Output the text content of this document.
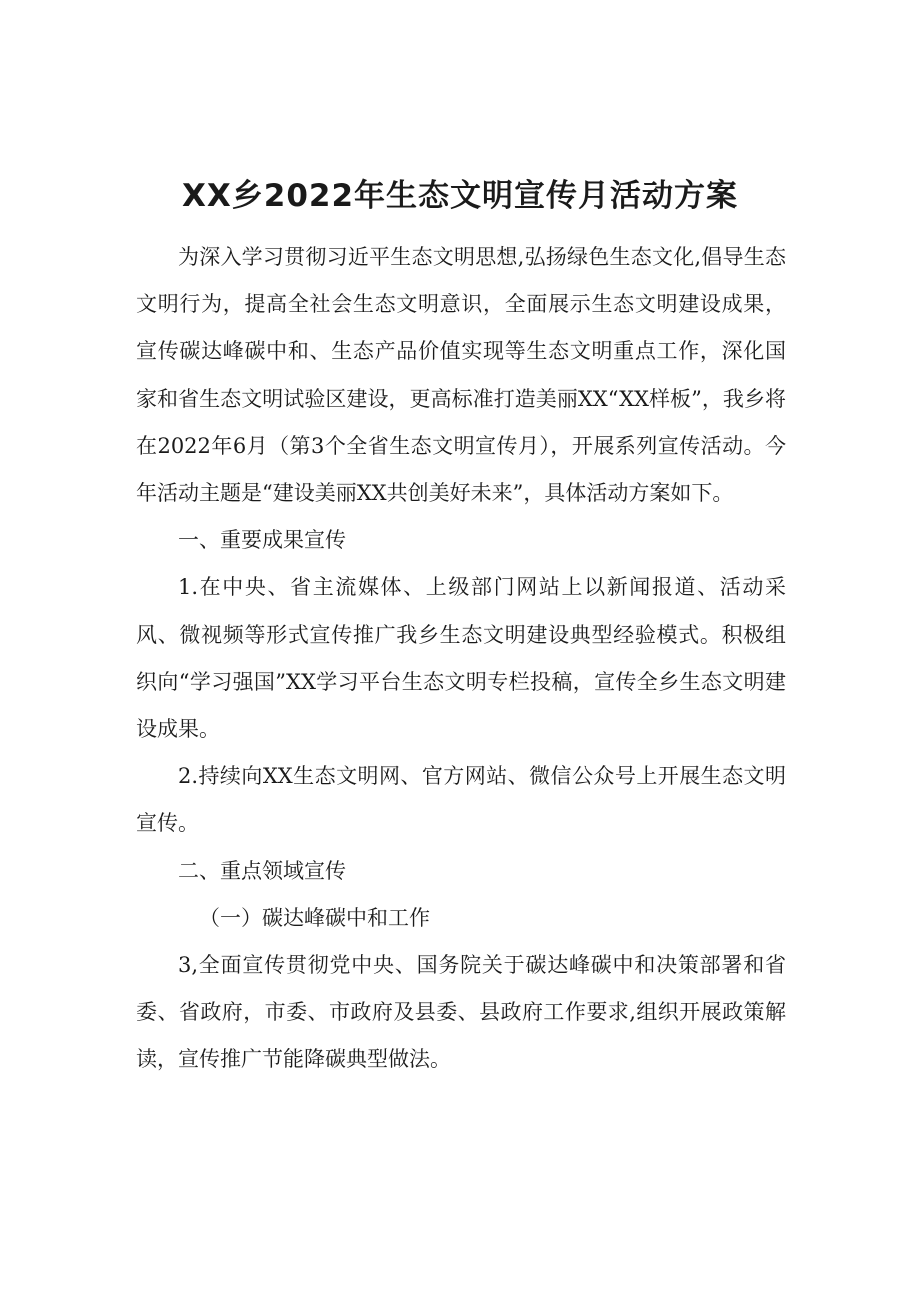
XX乡2022年生态文明宣传月活动方案

为深入学习贯彻习近平生态文明思想,弘扬绿色生态文化,倡导生态文明行为，提高全社会生态文明意识，全面展示生态文明建设成果，宣传碳达峰碳中和、生态产品价值实现等生态文明重点工作，深化国家和省生态文明试验区建设，更高标准打造美丽XX“XX样板”，我乡将在2022年6月（第3个全省生态文明宣传月），开展系列宣传活动。今年活动主题是“建设美丽XX共创美好未来”，具体活动方案如下。

一、重要成果宣传

1.在中央、省主流媒体、上级部门网站上以新闻报道、活动采风、微视频等形式宣传推广我乡生态文明建设典型经验模式。积极组织向“学习强国”XX学习平台生态文明专栏投稿，宣传全乡生态文明建设成果。

2.持续向XX生态文明网、官方网站、微信公众号上开展生态文明宣传。

二、重点领域宣传

（一）碳达峰碳中和工作

3,全面宣传贯彻党中央、国务院关于碳达峰碳中和决策部署和省委、省政府，市委、市政府及县委、县政府工作要求,组织开展政策解读，宣传推广节能降碳典型做法。
